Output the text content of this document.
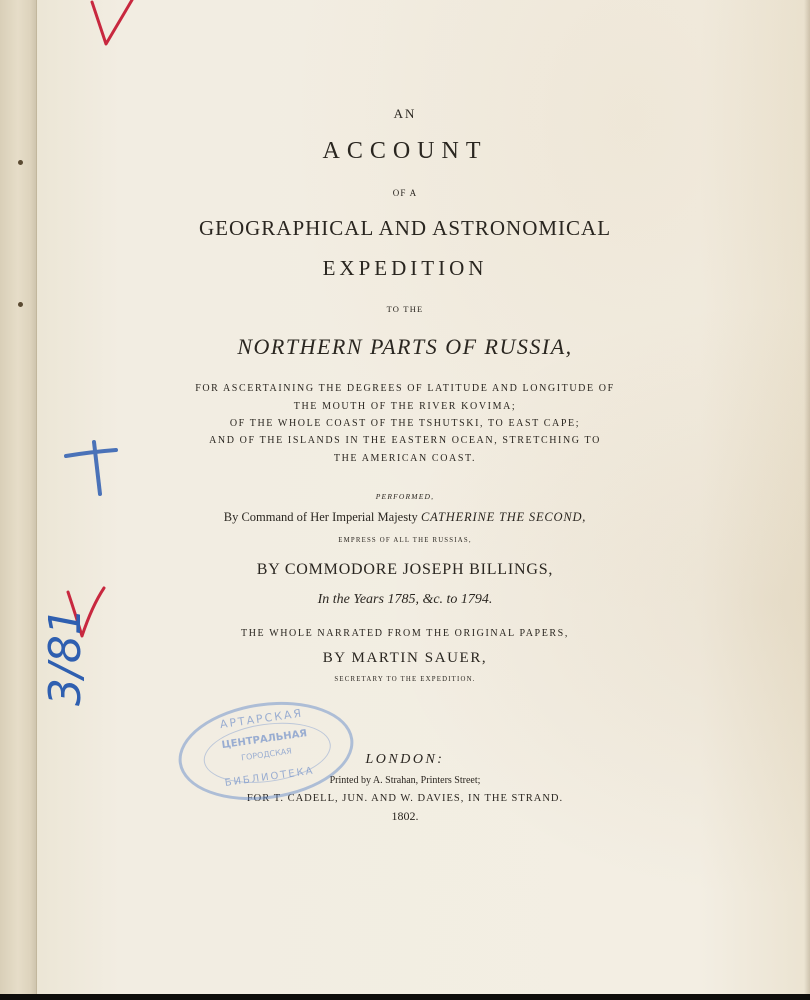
AN
ACCOUNT
OF A
GEOGRAPHICAL AND ASTRONOMICAL
EXPEDITION
TO THE
NORTHERN PARTS OF RUSSIA,
FOR ASCERTAINING THE DEGREES OF LATITUDE AND LONGITUDE OF
THE MOUTH OF THE RIVER KOVIMA;
OF THE WHOLE COAST OF THE TSHUTSKI, TO EAST CAPE;
AND OF THE ISLANDS IN THE EASTERN OCEAN, STRETCHING TO
THE AMERICAN COAST.
PERFORMED,
By Command of Her Imperial Majesty CATHERINE THE SECOND,
EMPRESS OF ALL THE RUSSIAS,
BY COMMODORE JOSEPH BILLINGS,
In the Years 1785, &c. to 1794.
THE WHOLE NARRATED FROM THE ORIGINAL PAPERS,
BY MARTIN SAUER,
SECRETARY TO THE EXPEDITION.
LONDON:
Printed by A. Strahan, Printers Street;
FOR T. CADELL, JUN. AND W. DAVIES, IN THE STRAND.
1802.
АРТАРСКАЯ
ЦЕНТРАЛЬНАЯ
ГОРОДСКАЯ
БИБЛИОТЕКА
3/81
